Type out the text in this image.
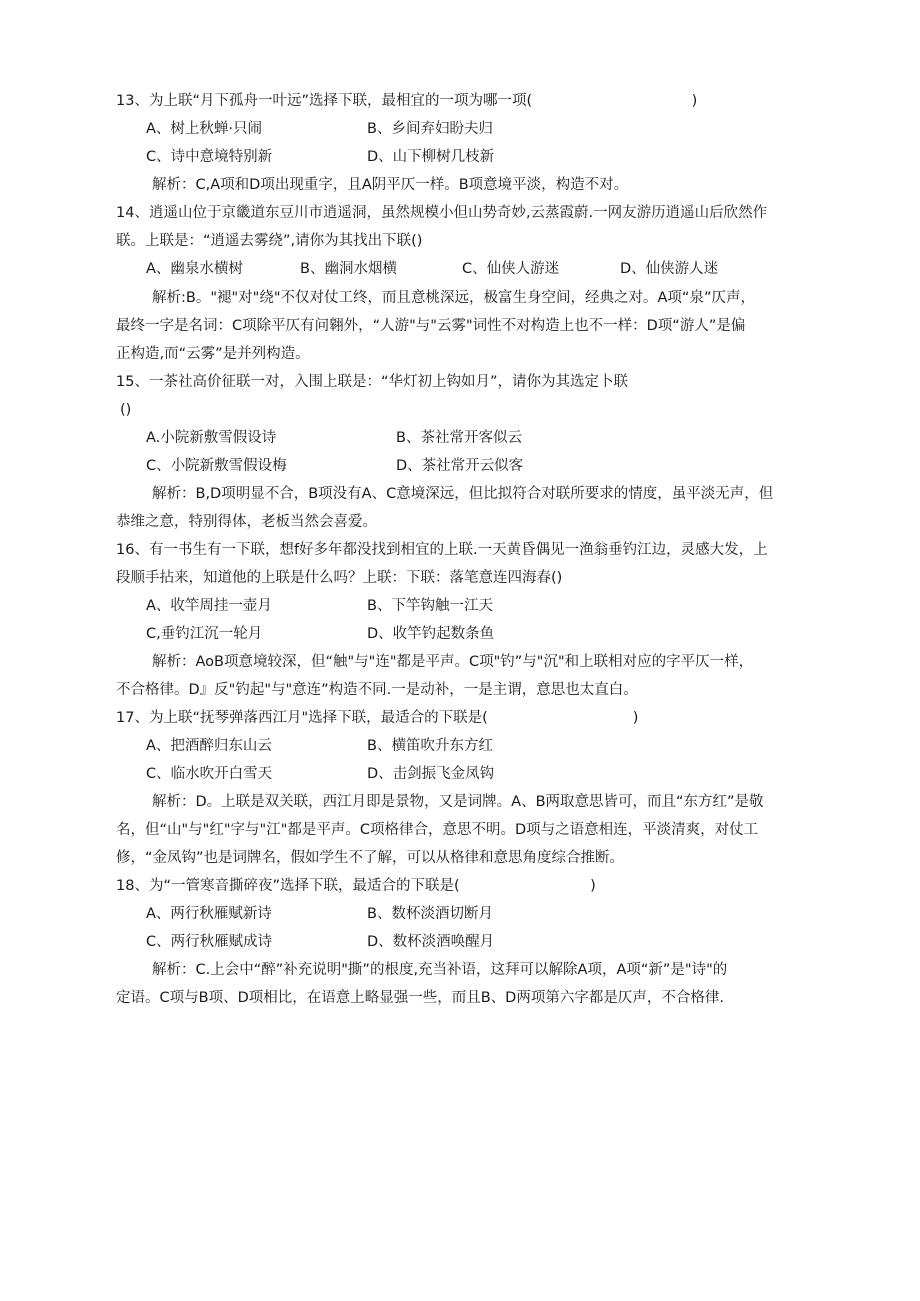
13、为上联“月下孤舟一叶远”选择下联，最相宜的一项为哪一项(　　　　　　　　　　　)
A、树上秋蝉·只闹	B、乡间弃妇盼夫归
C、诗中意境特别新	D、山下柳树几枝新
解析：C,A项和D项出现重字，且A阴平仄一样。B项意境平淡，构造不对。
14、逍遥山位于京畿道东豆川市逍遥洞，虽然规模小但山势奇妙,云蒸霞蔚.一网友游历逍遥山后欣然作
联。上联是：“逍遥去雾绕”,请你为其找出下联()
A、幽泉水横树	B、幽洞水烟横	C、仙侠人游迷	D、仙侠游人迷
解析:B。"褪"对"绕"不仅对仗工终，而且意桃深远，极富生身空间，经典之对。A项“泉”仄声，
最终一字是名词：C项除平仄有问翱外，“人游"与"云雾"词性不对构造上也不一样：D项“游人”是偏
正构造,而“云雾”是并列构造。
15、一茶社高价征联一对，入围上联是：“华灯初上钩如月”，请你为其选定卜联
()
A.小院新敷雪假设诗	B、茶社常开客似云
C、小院新敷雪假设梅	D、茶社常开云似客
解析：B,D项明显不合，B项没有A、C意境深远，但比拟符合对联所要求的情度，虽平淡无声，但
恭维之意，特别得体，老板当然会喜爱。
16、有一书生有一下联，想f好多年都没找到相宜的上联.一天黄昏偶见一渔翁垂钓江边，灵感大发，上
段顺手拈来，知道他的上联是什么吗？上联：下联：落笔意连四海春()
A、收竿周挂一壶月	B、下竿钩触一江天
C,垂钓江沉一轮月	D、收竿钓起数条鱼
解析：AoB项意境较深，但“触"与"连"都是平声。C项"钓”与"沉"和上联相对应的字平仄一样，
不合格律。D』反"钓起"与"意连”构造不同.一是动补，一是主谓，意思也太直白。
17、为上联“抚琴弹落西江月"选择下联，最适合的下联是(　　　　　　　　　　)
A、把酒醉归东山云	B、横笛吹升东方红
C、临水吹开白雪天	D、击剑振飞金凤钩
解析：D。上联是双关联，西江月即是景物，又是词牌。A、B两取意思皆可，而且“东方红”是敬
名，但“山"与"红"字与"江"都是平声。C项格律合，意思不明。D项与之语意相连，平淡清爽，对仗工
修，“金凤钩”也是词牌名，假如学生不了解，可以从格律和意思角度综合推断。
18、为“一管寒音撕碎夜”选择下联，最适合的下联是(　　　　　　　　　)
A、两行秋雁赋新诗	B、数杯淡酒切断月
C、两行秋雁赋成诗	D、数杯淡酒唤醒月
解析：C.上会中“醉”补充说明"撕”的根度,充当补语，这拜可以解除A项，A项“新”是"诗"的
定语。C项与B项、D项相比，在语意上略显强一些，而且B、D两项第六字都是仄声，不合格律.
